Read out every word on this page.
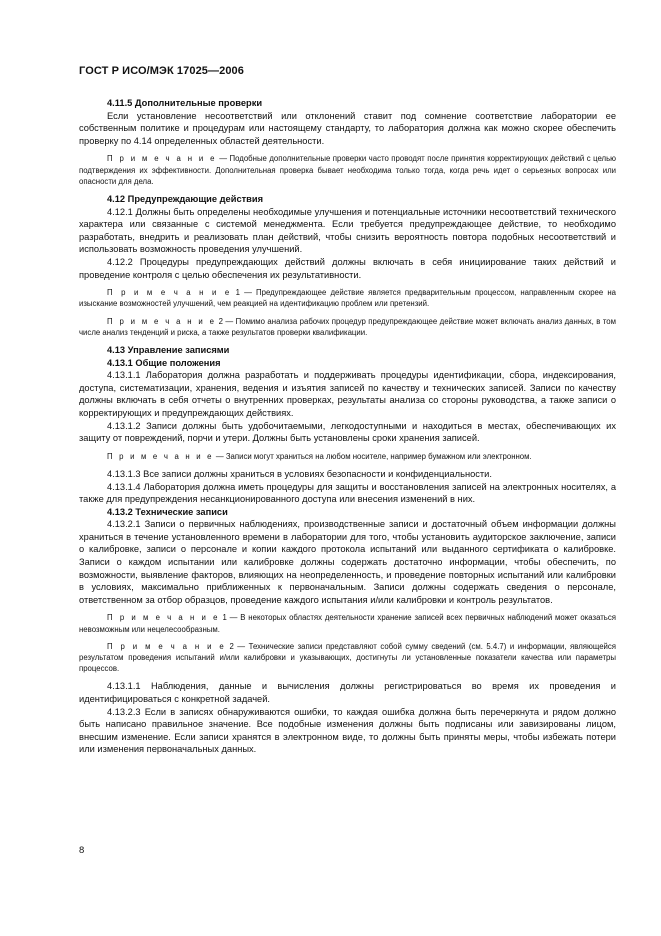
ГОСТ Р ИСО/МЭК 17025—2006

4.11.5 Дополнительные проверки

Если установление несоответствий или отклонений ставит под сомнение соответствие лаборатории ее собственным политике и процедурам или настоящему стандарту, то лаборатория должна как можно скорее обеспечить проверку по 4.14 определенных областей деятельности.

П р и м е ч а н и е — Подобные дополнительные проверки часто проводят после принятия корректирующих действий с целью подтверждения их эффективности. Дополнительная проверка бывает необходима только тогда, когда речь идет о серьезных вопросах или опасности для дела.

4.12 Предупреждающие действия

4.12.1 Должны быть определены необходимые улучшения и потенциальные источники несоответствий технического характера или связанные с системой менеджмента. Если требуется предупреждающее действие, то необходимо разработать, внедрить и реализовать план действий, чтобы снизить вероятность повтора подобных несоответствий и использовать возможность проведения улучшений.

4.12.2 Процедуры предупреждающих действий должны включать в себя инициирование таких действий и проведение контроля с целью обеспечения их результативности.

П р и м е ч а н и е 1 — Предупреждающее действие является предварительным процессом, направленным скорее на изыскание возможностей улучшений, чем реакцией на идентификацию проблем или претензий.

П р и м е ч а н и е 2 — Помимо анализа рабочих процедур предупреждающее действие может включать анализ данных, в том числе анализ тенденций и риска, а также результатов проверки квалификации.

4.13 Управление записями

4.13.1 Общие положения

4.13.1.1 Лаборатория должна разработать и поддерживать процедуры идентификации, сбора, индексирования, доступа, систематизации, хранения, ведения и изъятия записей по качеству и технических записей. Записи по качеству должны включать в себя отчеты о внутренних проверках, результаты анализа со стороны руководства, а также записи о корректирующих и предупреждающих действиях.

4.13.1.2 Записи должны быть удобочитаемыми, легкодоступными и находиться в местах, обеспечивающих их защиту от повреждений, порчи и утери. Должны быть установлены сроки хранения записей.

П р и м е ч а н и е — Записи могут храниться на любом носителе, например бумажном или электронном.

4.13.1.3 Все записи должны храниться в условиях безопасности и конфиденциальности.

4.13.1.4 Лаборатория должна иметь процедуры для защиты и восстановления записей на электронных носителях, а также для предупреждения несанкционированного доступа или внесения изменений в них.

4.13.2 Технические записи

4.13.2.1 Записи о первичных наблюдениях, производственные записи и достаточный объем информации должны храниться в течение установленного времени в лаборатории для того, чтобы установить аудиторское заключение, записи о калибровке, записи о персонале и копии каждого протокола испытаний или выданного сертификата о калибровке. Записи о каждом испытании или калибровке должны содержать достаточно информации, чтобы обеспечить, по возможности, выявление факторов, влияющих на неопределенность, и проведение повторных испытаний или калибровки в условиях, максимально приближенных к первоначальным. Записи должны содержать сведения о персонале, ответственном за отбор образцов, проведение каждого испытания и/или калибровки и контроль результатов.

П р и м е ч а н и е 1 — В некоторых областях деятельности хранение записей всех первичных наблюдений может оказаться невозможным или нецелесообразным.

П р и м е ч а н и е 2 — Технические записи представляют собой сумму сведений (см. 5.4.7) и информации, являющейся результатом проведения испытаний и/или калибровки и указывающих, достигнуты ли установленные показатели качества или параметры процессов.

4.13.1.1 Наблюдения, данные и вычисления должны регистрироваться во время их проведения и идентифицироваться с конкретной задачей.

4.13.2.3 Если в записях обнаруживаются ошибки, то каждая ошибка должна быть перечеркнута и рядом должно быть написано правильное значение. Все подобные изменения должны быть подписаны или завизированы лицом, внесшим изменение. Если записи хранятся в электронном виде, то должны быть приняты меры, чтобы избежать потери или изменения первоначальных данных.

8
